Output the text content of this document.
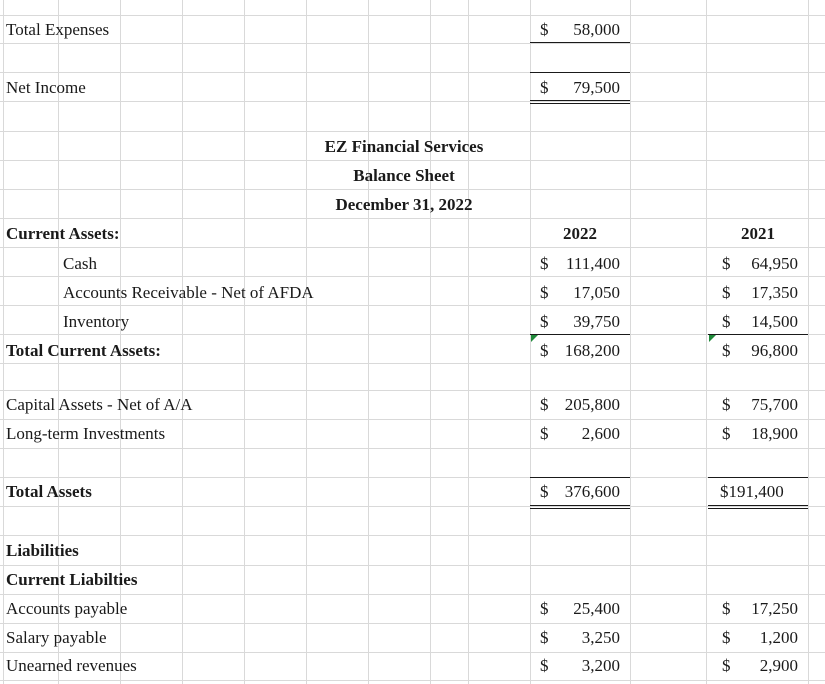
Total Expenses	$ 58,000
Net Income	$ 79,500
EZ Financial Services
Balance Sheet
December 31, 2022
Current Assets:	2022	2021
Cash	$ 111,400	$ 64,950
Accounts Receivable - Net of AFDA	$ 17,050	$ 17,350
Inventory	$ 39,750	$ 14,500
Total Current Assets:	$ 168,200	$ 96,800
Capital Assets - Net of A/A	$ 205,800	$ 75,700
Long-term Investments	$ 2,600	$ 18,900
Total Assets	$ 376,600	$191,400
Liabilities
Current Liabilties
Accounts payable	$ 25,400	$ 17,250
Salary payable	$ 3,250	$ 1,200
Unearned revenues	$ 3,200	$ 2,900
